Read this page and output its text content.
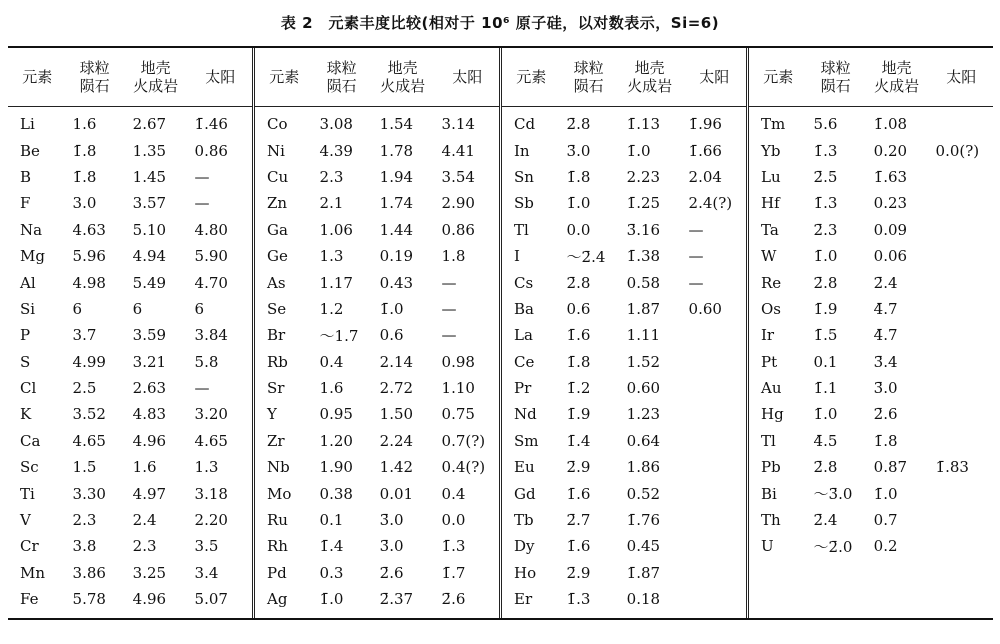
表 2　元素丰度比较(相对于 10⁶ 原子硅，以对数表示，Si=6)
元素	球粒
陨石
地壳
火成岩	太阳
Li	1.6	2.67	1̄.46
Be	1̄.8	1.35	0.86
B	1̄.8	1.45	—
F	3.0	3.57	—
Na	4.63	5.10	4.80
Mg	5.96	4.94	5.90
Al	4.98	5.49	4.70
Si	6	6	6
P	3.7	3.59	3.84
S	4.99	3.21	5.8
Cl	2.5	2.63	—
K	3.52	4.83	3.20
Ca	4.65	4.96	4.65
Sc	1.5	1.6	1.3
Ti	3.30	4.97	3.18
V	2.3	2.4	2.20
Cr	3.8	2.3	3.5
Mn	3.86	3.25	3.4
Fe	5.78	4.96	5.07
元素	球粒
陨石
地壳
火成岩	太阳
Co	3.08	1.54	3.14
Ni	4.39	1.78	4.41
Cu	2.3	1.94	3.54
Zn	2.1	1.74	2.90
Ga	1.06	1.44	0.86
Ge	1.3	0.19	1.8
As	1.17	0.43	—
Se	1.2	1̄.0	—
Br	～1.7	0.6	—
Rb	0.4	2.14	0.98
Sr	1.6	2.72	1.10
Y	0.95	1.50	0.75
Zr	1.20	2.24	0.7(?)
Nb	1.90	1.42	0.4(?)
Mo	0.38	0.01	0.4
Ru	0.1	3̄.0	0.0
Rh	1̄.4	3̄.0	1̄.3
Pd	0.3	2̄.6	1̄.7
Ag	1̄.0	2̄.37	2̄.6
元素	球粒
陨石
地壳
火成岩	太阳
Cd	2̄.8	1̄.13	1̄.96
In	3̄.0	1̄.0	1̄.66
Sn	1̄.8	2.23	2.04
Sb	1̄.0	1̄.25	2.4(?)
Tl	0.0	3̄.16	—
I	～2̄.4	1̄.38	—
Cs	2̄.8	0.58	—
Ba	0.6	1.87	0.60
La	1̄.6	1.11
Ce	1̄.8	1.52
Pr	1̄.2	0.60
Nd	1̄.9	1.23
Sm	1̄.4	0.64
Eu	2̄.9	1.86
Gd	1̄.6	0.52
Tb	2̄.7	1̄.76
Dy	1̄.6	0.45
Ho	2̄.9	1̄.87
Er	1̄.3	0.18
元素	球粒
陨石
地壳
火成岩	太阳
Tm	5.6	1̄.08
Yb	1̄.3	0.20	0.0(?)
Lu	2̄.5	1̄.63
Hf	1̄.3	0.23
Ta	2̄.3	0.09
W	1̄.0	0.06
Re	2̄.8	2̄.4
Os	1̄.9	4̄.7
Ir	1̄.5	4̄.7
Pt	0.1	3̄.4
Au	1̄.1	3̄.0
Hg	1̄.0	2̄.6
Tl	4̄.5	1̄.8
Pb	2̄.8	0.87	1̄.83
Bi	～3̄.0	1̄.0
Th	2̄.4	0.7
U	～2̄.0	0.2
